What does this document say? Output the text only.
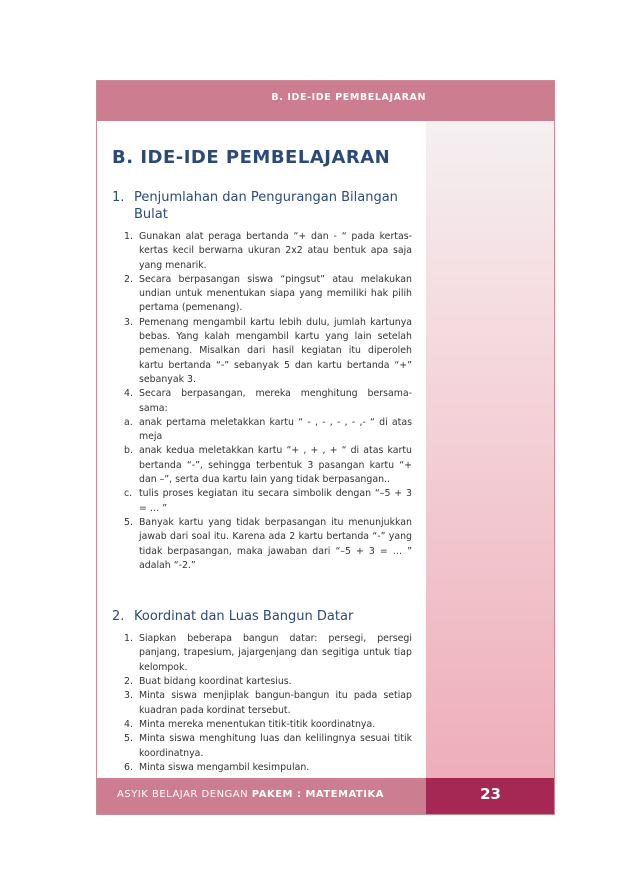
B. IDE-IDE PEMBELAJARAN
ASYIK BELAJAR DENGAN PAKEM : MATEMATIKA	23
B. IDE-IDE PEMBELAJARAN
1. Penjumlahan dan Pengurangan Bilangan Bulat
1. Gunakan alat peraga bertanda “+ dan - “ pada kertas-kertas kecil berwarna ukuran 2x2 atau bentuk apa saja yang menarik.
2. Secara berpasangan siswa “pingsut” atau melakukan undian untuk menentukan siapa yang memiliki hak pilih pertama (pemenang).
3. Pemenang mengambil kartu lebih dulu, jumlah kartunya bebas. Yang kalah mengambil kartu yang lain setelah pemenang. Misalkan dari hasil kegiatan itu diperoleh kartu bertanda “-” sebanyak 5 dan kartu bertanda “+” sebanyak 3.
4. Secara berpasangan, mereka menghitung bersama-sama:
a. anak pertama meletakkan kartu “ - , - , - , - ,- “ di atas meja
b. anak kedua meletakkan kartu “+ , + , + “ di atas kartu bertanda “-”, sehingga terbentuk 3 pasangan kartu “+ dan –”, serta dua kartu lain yang tidak berpasangan..
c. tulis proses kegiatan itu secara simbolik dengan “–5 + 3 = … ”
5. Banyak kartu yang tidak berpasangan itu menunjukkan jawab dari soal itu. Karena ada 2 kartu bertanda “-” yang tidak berpasangan, maka jawaban dari “–5 + 3 = … ” adalah “-2.”
2. Koordinat dan Luas Bangun Datar
1. Siapkan beberapa bangun datar: persegi, persegi panjang, trapesium, jajargenjang dan segitiga untuk tiap kelompok.
2. Buat bidang koordinat kartesius.
3. Minta siswa menjiplak bangun-bangun itu pada setiap kuadran pada kordinat tersebut.
4. Minta mereka menentukan titik-titik koordinatnya.
5. Minta siswa menghitung luas dan kelilingnya sesuai titik koordinatnya.
6. Minta siswa mengambil kesimpulan.
